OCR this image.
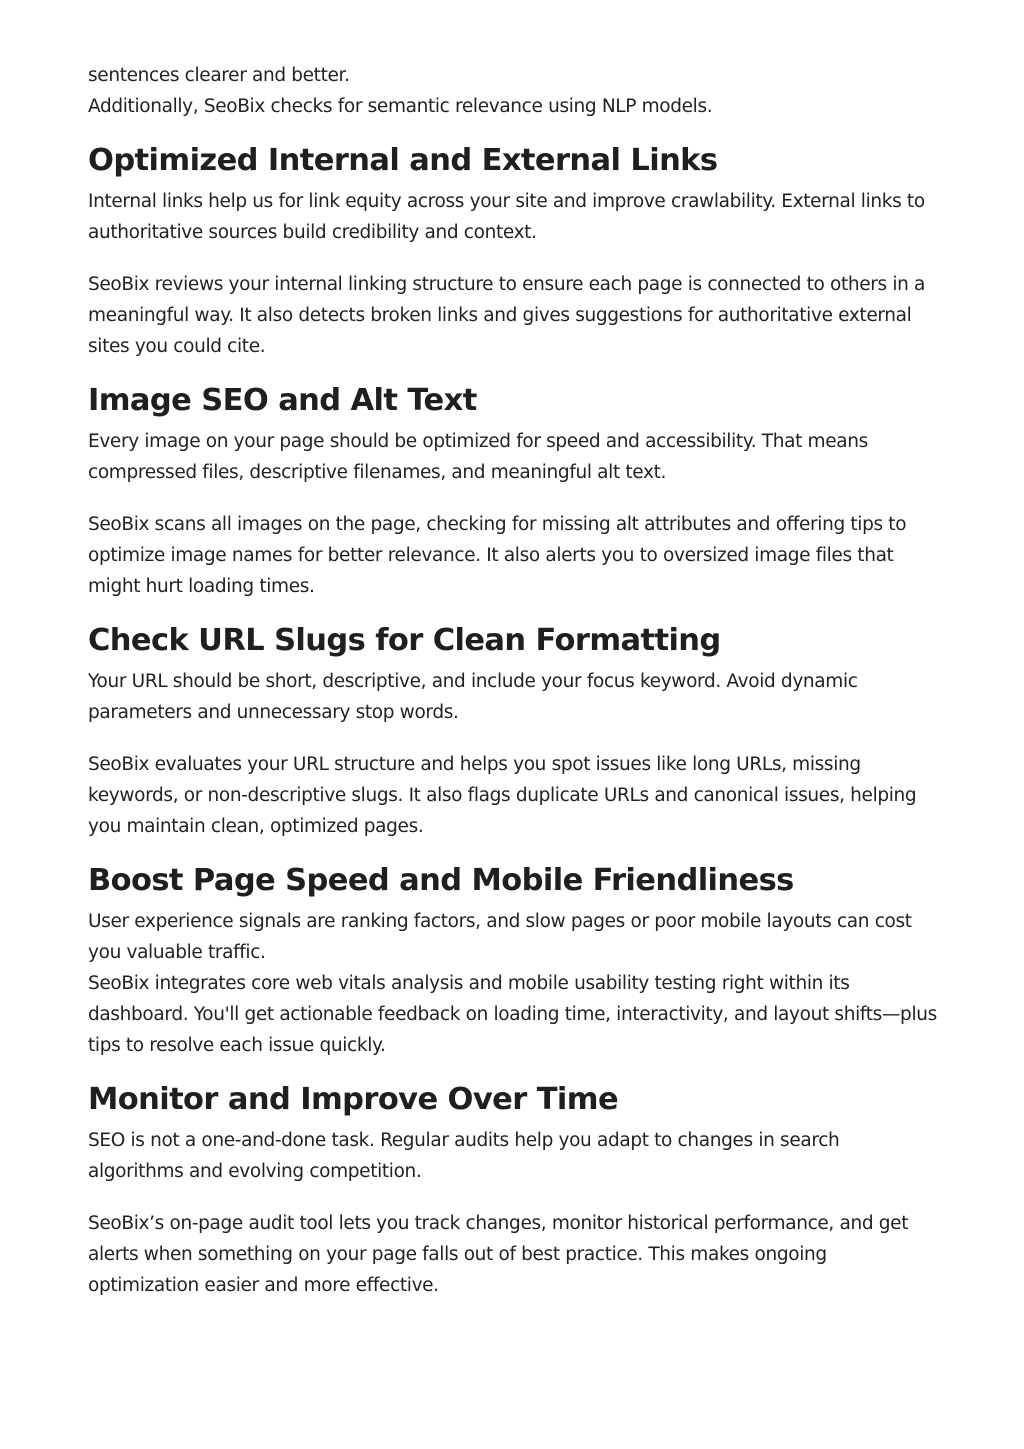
sentences clearer and better.

Additionally, SeoBix checks for semantic relevance using NLP models.

Optimized Internal and External Links

Internal links help us for link equity across your site and improve crawlability. External links to authoritative sources build credibility and context.

SeoBix reviews your internal linking structure to ensure each page is connected to others in a meaningful way. It also detects broken links and gives suggestions for authoritative external sites you could cite.

Image SEO and Alt Text

Every image on your page should be optimized for speed and accessibility. That means compressed files, descriptive filenames, and meaningful alt text.

SeoBix scans all images on the page, checking for missing alt attributes and offering tips to optimize image names for better relevance. It also alerts you to oversized image files that might hurt loading times.

Check URL Slugs for Clean Formatting

Your URL should be short, descriptive, and include your focus keyword. Avoid dynamic parameters and unnecessary stop words.

SeoBix evaluates your URL structure and helps you spot issues like long URLs, missing keywords, or non-descriptive slugs. It also flags duplicate URLs and canonical issues, helping you maintain clean, optimized pages.

Boost Page Speed and Mobile Friendliness

User experience signals are ranking factors, and slow pages or poor mobile layouts can cost you valuable traffic.

SeoBix integrates core web vitals analysis and mobile usability testing right within its dashboard. You'll get actionable feedback on loading time, interactivity, and layout shifts—plus tips to resolve each issue quickly.

Monitor and Improve Over Time

SEO is not a one-and-done task. Regular audits help you adapt to changes in search algorithms and evolving competition.

SeoBix’s on-page audit tool lets you track changes, monitor historical performance, and get alerts when something on your page falls out of best practice. This makes ongoing optimization easier and more effective.
